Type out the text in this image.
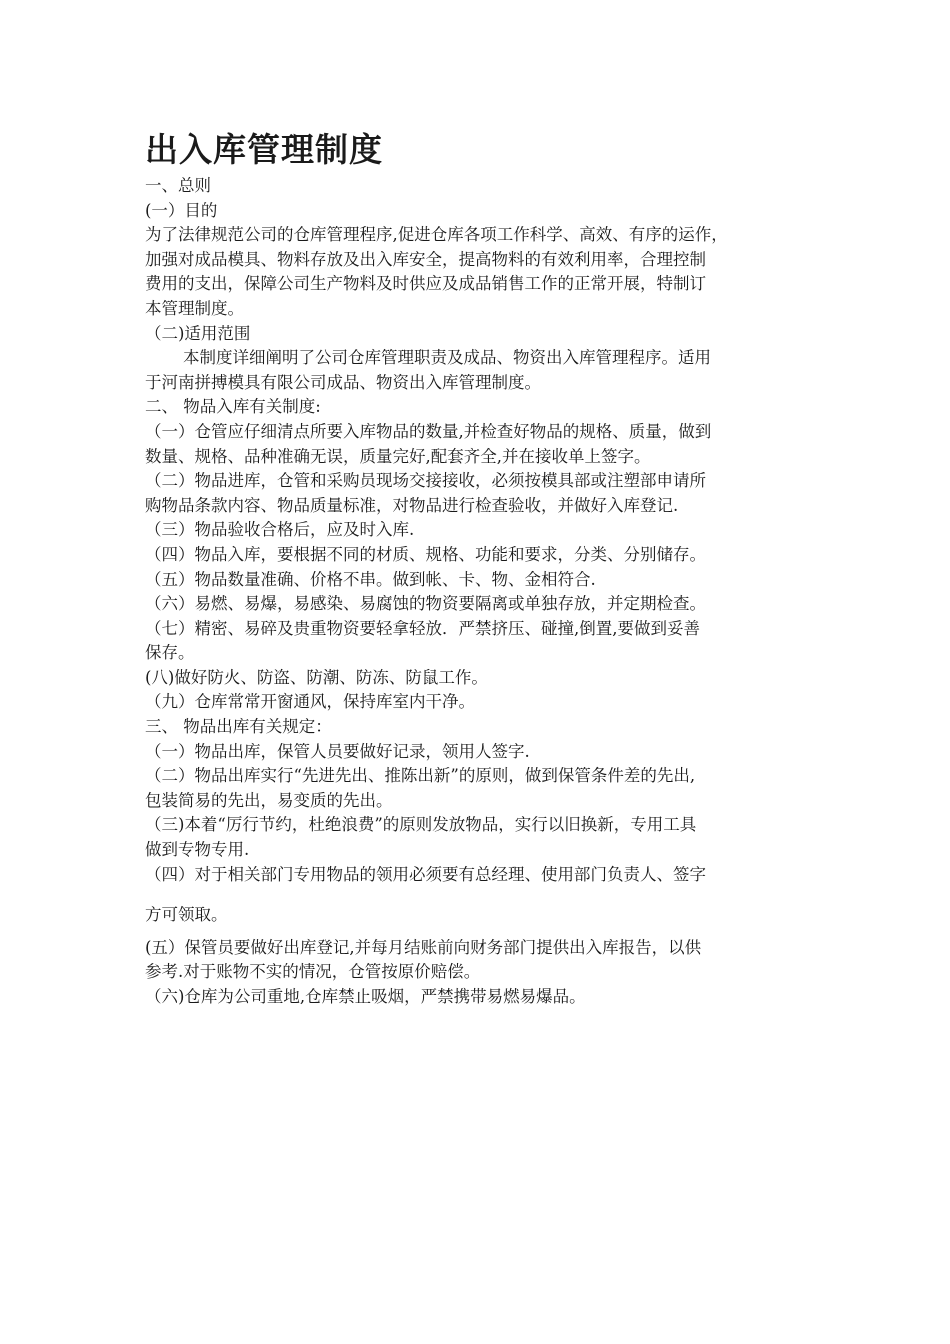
出入库管理制度

一、总则

(一）目的

为了法律规范公司的仓库管理程序,促进仓库各项工作科学、高效、有序的运作，

加强对成品模具、物料存放及出入库安全，提高物料的有效利用率，合理控制

费用的支出，保障公司生产物料及时供应及成品销售工作的正常开展，特制订

本管理制度。

（二)适用范围

本制度详细阐明了公司仓库管理职责及成品、物资出入库管理程序。适用

于河南拼搏模具有限公司成品、物资出入库管理制度。

二、 物品入库有关制度:

（一）仓管应仔细清点所要入库物品的数量,并检查好物品的规格、质量，做到

数量、规格、品种准确无误，质量完好,配套齐全,并在接收单上签字。

（二）物品进库，仓管和采购员现场交接接收，必须按模具部或注塑部申请所

购物品条款内容、物品质量标准，对物品进行检查验收，并做好入库登记.

（三）物品验收合格后，应及时入库.

（四）物品入库，要根据不同的材质、规格、功能和要求，分类、分别储存。

（五）物品数量准确、价格不串。做到帐、卡、物、金相符合.

（六）易燃、易爆，易感染、易腐蚀的物资要隔离或单独存放，并定期检查。

（七）精密、易碎及贵重物资要轻拿轻放．严禁挤压、碰撞,倒置,要做到妥善

保存。

(八)做好防火、防盗、防潮、防冻、防鼠工作。

（九）仓库常常开窗通风，保持库室内干净。

三、 物品出库有关规定：

（一）物品出库，保管人员要做好记录，领用人签字.

（二）物品出库实行“先进先出、推陈出新”的原则，做到保管条件差的先出,

包装简易的先出，易变质的先出。

（三)本着“厉行节约，杜绝浪费”的原则发放物品，实行以旧换新，专用工具

做到专物专用.

（四）对于相关部门专用物品的领用必须要有总经理、使用部门负责人、签字

方可领取。

(五）保管员要做好出库登记,并每月结账前向财务部门提供出入库报告，以供

参考.对于账物不实的情况，仓管按原价赔偿。

（六)仓库为公司重地,仓库禁止吸烟，严禁携带易燃易爆品。
